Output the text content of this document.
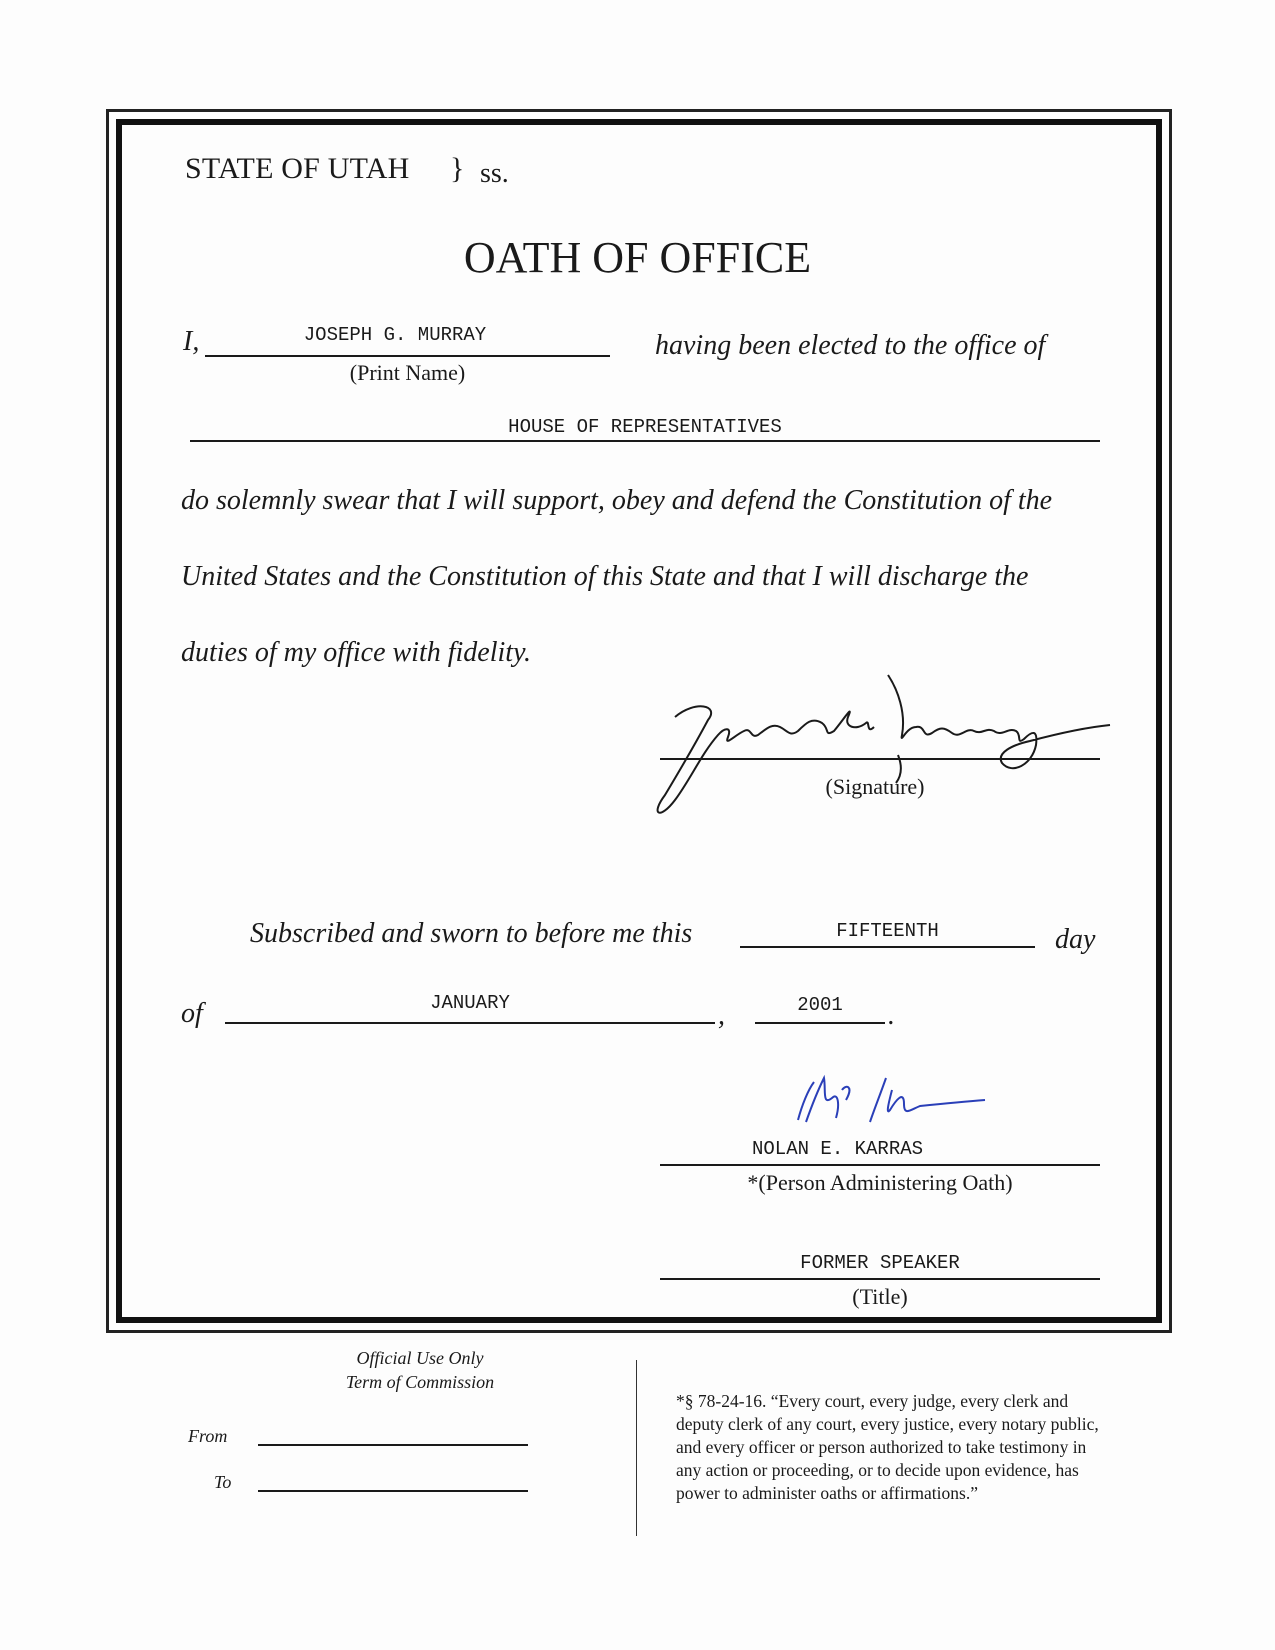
STATE OF UTAH } ss.
OATH OF OFFICE
I,	JOSEPH G. MURRAY
(Print Name)
having been elected to the office of
HOUSE OF REPRESENTATIVES
do solemnly swear that I will support, obey and defend the Constitution of the
United States and the Constitution of this State and that I will discharge the
duties of my office with fidelity.
(Signature)
Subscribed and sworn to before me this	FIFTEENTH	day
of	JANUARY	,	2001	.
NOLAN E. KARRAS
*(Person Administering Oath)
FORMER SPEAKER
(Title)
Official Use Only
Term of Commission
From
To
*§ 78-24-16. “Every court, every judge, every clerk and
deputy clerk of any court, every justice, every notary public,
and every officer or person authorized to take testimony in
any action or proceeding, or to decide upon evidence, has
power to administer oaths or affirmations.”
